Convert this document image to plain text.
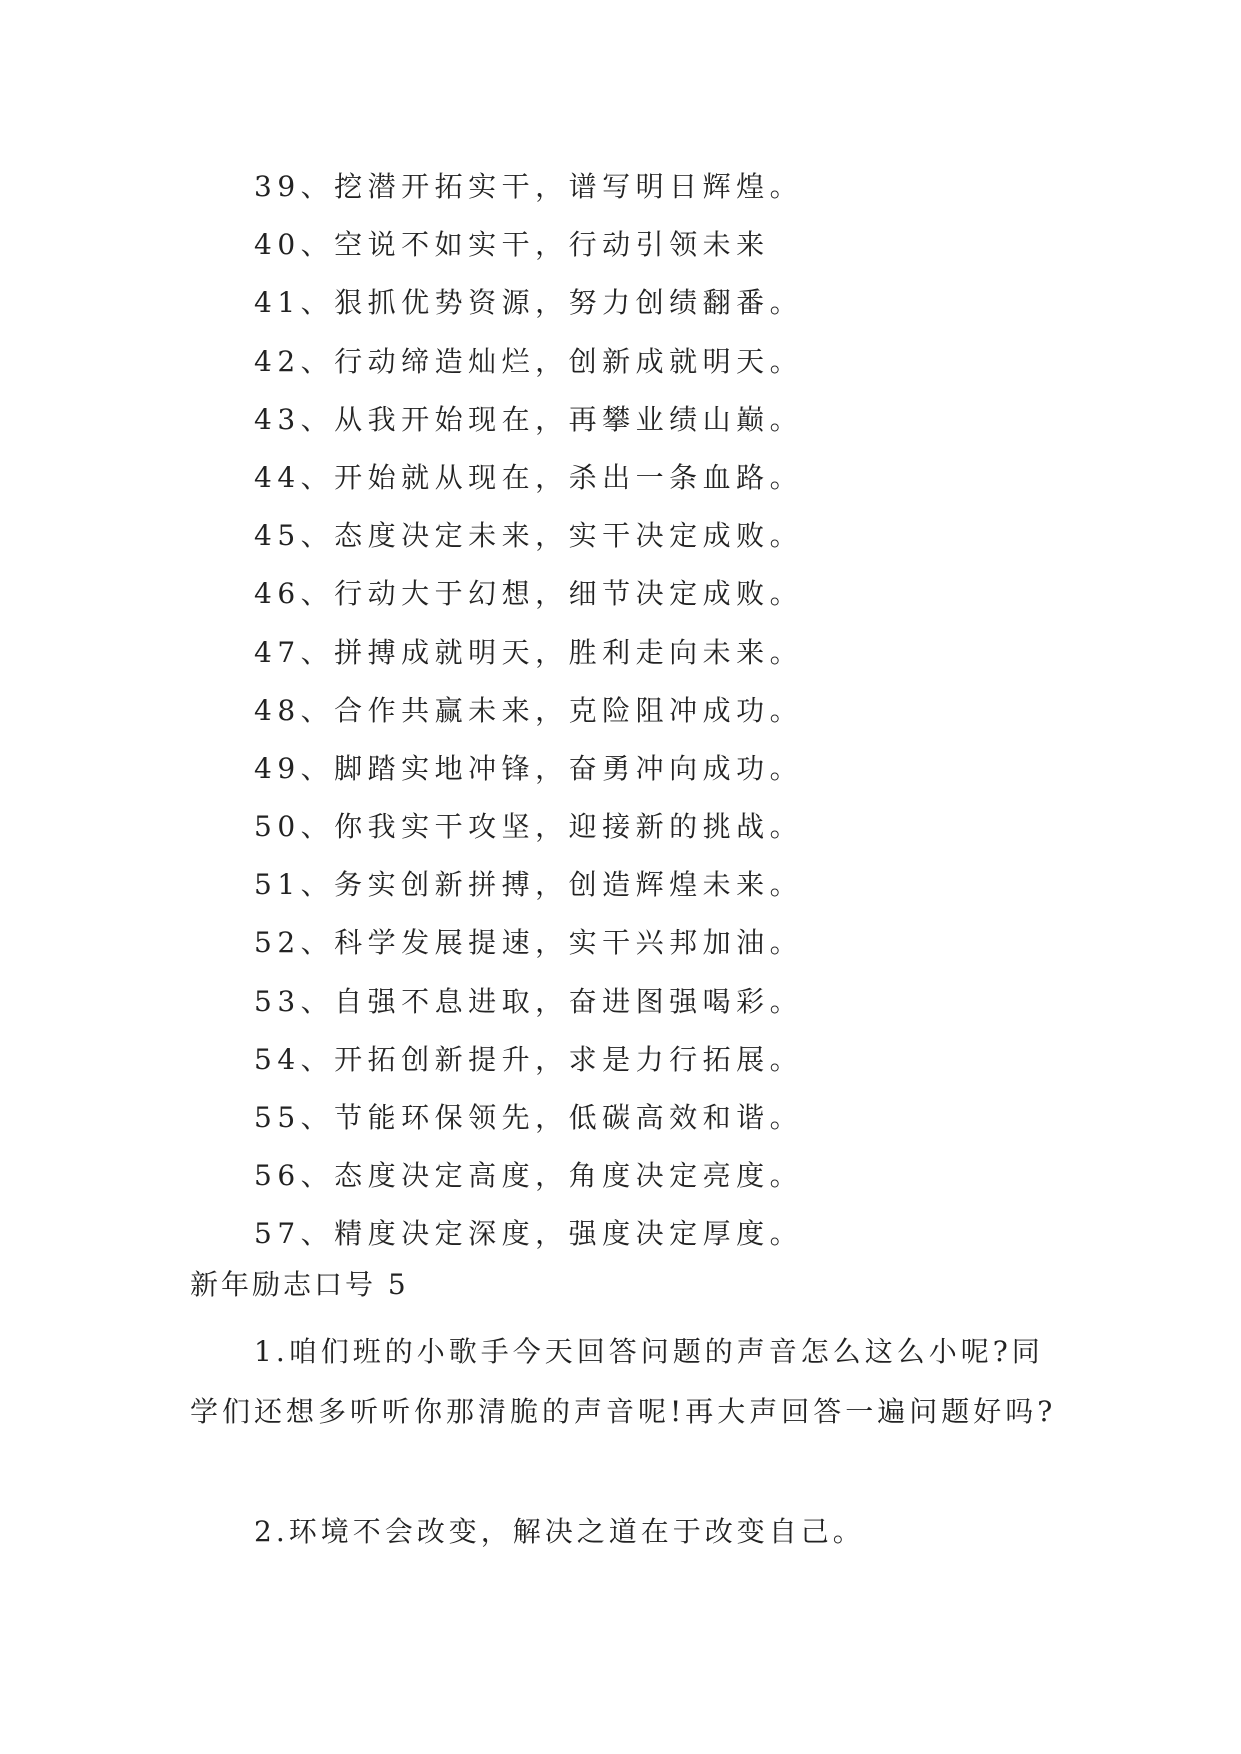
39、挖潜开拓实干，谱写明日辉煌。
40、空说不如实干，行动引领未来
41、狠抓优势资源，努力创绩翻番。
42、行动缔造灿烂，创新成就明天。
43、从我开始现在，再攀业绩山巅。
44、开始就从现在，杀出一条血路。
45、态度决定未来，实干决定成败。
46、行动大于幻想，细节决定成败。
47、拼搏成就明天，胜利走向未来。
48、合作共赢未来，克险阻冲成功。
49、脚踏实地冲锋，奋勇冲向成功。
50、你我实干攻坚，迎接新的挑战。
51、务实创新拼搏，创造辉煌未来。
52、科学发展提速，实干兴邦加油。
53、自强不息进取，奋进图强喝彩。
54、开拓创新提升，求是力行拓展。
55、节能环保领先，低碳高效和谐。
56、态度决定高度，角度决定亮度。
57、精度决定深度，强度决定厚度。
新年励志口号 5

1.咱们班的小歌手今天回答问题的声音怎么这么小呢?同学们还想多听听你那清脆的声音呢!再大声回答一遍问题好吗?

2.环境不会改变，解决之道在于改变自己。
